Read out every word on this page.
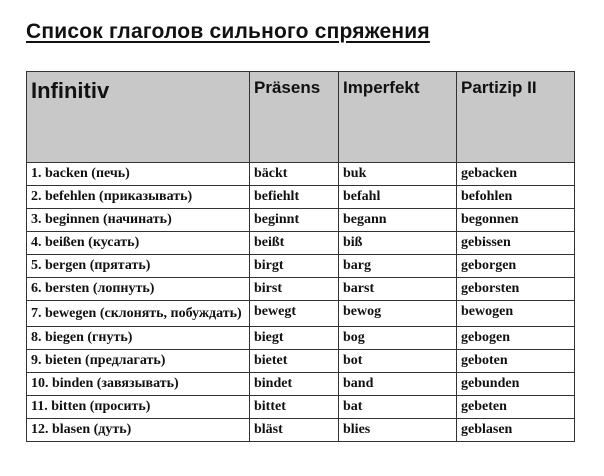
Список глаголов сильного спряжения
Infinitiv	Präsens	Imperfekt	Partizip II
1. backen (печь)	bäckt	buk	gebacken
2. befehlen (приказывать)	befiehlt	befahl	befohlen
3. beginnen (начинать)	beginnt	begann	begonnen
4. beißen (кусать)	beißt	biß	gebissen
5. bergen (прятать)	birgt	barg	geborgen
6. bersten (лопнуть)	birst	barst	geborsten
7. bewegen (склонять, побуждать)	bewegt	bewog	bewogen
8. biegen (гнуть)	biegt	bog	gebogen
9. bieten (предлагать)	bietet	bot	geboten
10. binden (завязывать)	bindet	band	gebunden
11. bitten (просить)	bittet	bat	gebeten
12. blasen (дуть)	bläst	blies	geblasen
